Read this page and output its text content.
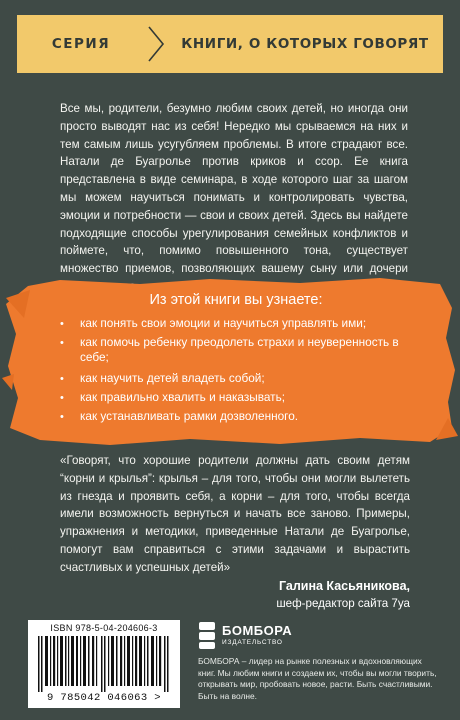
СЕРИЯ	КНИГИ, О КОТОРЫХ ГОВОРЯТ
Все мы, родители, безумно любим своих детей, но иногда они просто выводят нас из себя! Нередко мы срываемся на них и тем самым лишь усугубляем проблемы. В итоге страдают все. Натали де Буагролье против криков и ссор. Ее книга представлена в виде семинара, в ходе которого шаг за шагом мы можем научиться понимать и контролировать чувства, эмоции и потребности — свои и своих детей. Здесь вы найдете подходящие способы урегулирования семейных конфликтов и поймете, что, помимо повышенного тона, существует множество приемов, позволяющих вашему сыну или дочери
Из этой книги вы узнаете:
• как понять свои эмоции и научиться управлять ими;
• как помочь ребенку преодолеть страхи и неуверенность в себе;
• как научить детей владеть собой;
• как правильно хвалить и наказывать;
• как устанавливать рамки дозволенного.
«Говорят, что хорошие родители должны дать своим детям “корни и крылья”: крылья – для того, чтобы они могли вылететь из гнезда и проявить себя, а корни – для того, чтобы всегда имели возможность вернуться и начать все заново. Примеры, упражнения и методики, приведенные Натали де Буагролье, помогут вам справиться с этими задачами и вырастить счастливых и успешных детей»
Галина Касьяникова,
шеф-редактор сайта 7уа
ISBN 978-5-04-204606-3
9 785042 046063 >
БОМБОРА
ИЗДАТЕЛЬСТВО
БОМБОРА – лидер на рынке полезных и вдохновляющих книг. Мы любим книги и создаем их, чтобы вы могли творить, открывать мир, пробовать новое, расти. Быть счастливыми. Быть на волне.
